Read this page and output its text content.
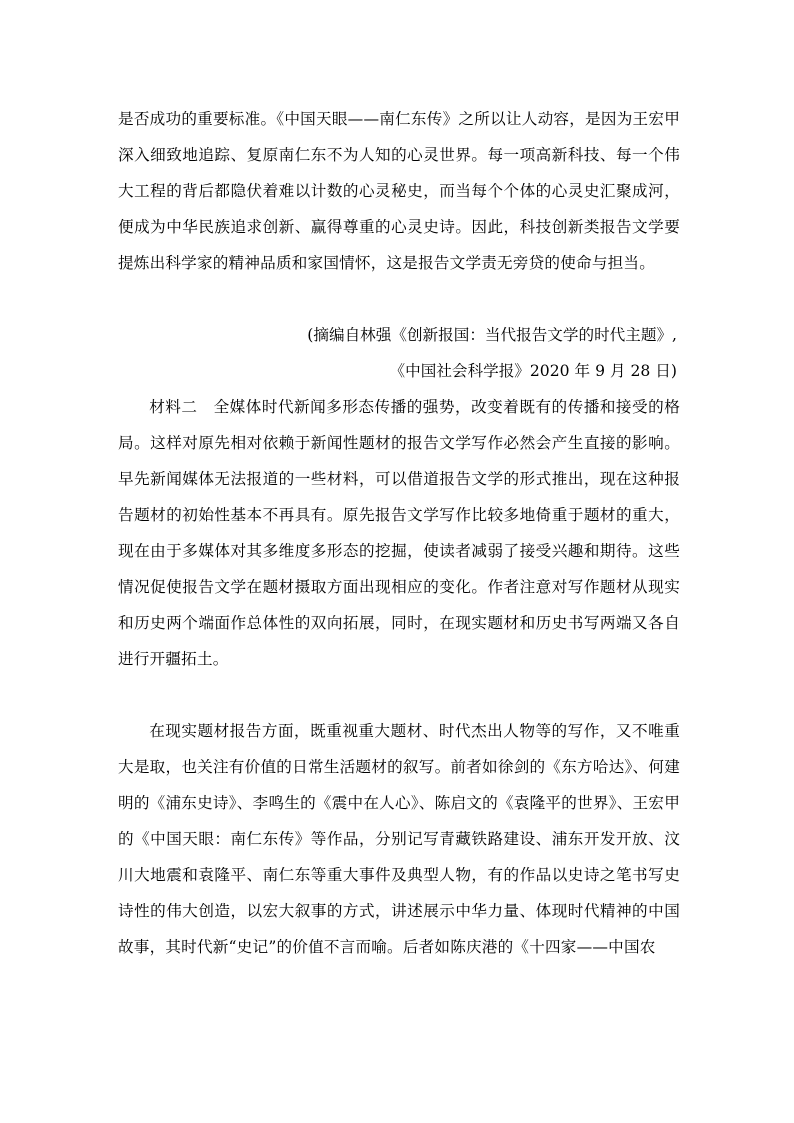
是否成功的重要标准。《中国天眼——南仁东传》之所以让人动容，是因为王宏甲深入细致地追踪、复原南仁东不为人知的心灵世界。每一项高新科技、每一个伟大工程的背后都隐伏着难以计数的心灵秘史，而当每个个体的心灵史汇聚成河，便成为中华民族追求创新、赢得尊重的心灵史诗。因此，科技创新类报告文学要提炼出科学家的精神品质和家国情怀，这是报告文学责无旁贷的使命与担当。

(摘编自林强《创新报国：当代报告文学的时代主题》,
《中国社会科学报》2020 年 9 月 28 日)

材料二　全媒体时代新闻多形态传播的强势，改变着既有的传播和接受的格局。这样对原先相对依赖于新闻性题材的报告文学写作必然会产生直接的影响。早先新闻媒体无法报道的一些材料，可以借道报告文学的形式推出，现在这种报告题材的初始性基本不再具有。原先报告文学写作比较多地倚重于题材的重大，现在由于多媒体对其多维度多形态的挖掘，使读者减弱了接受兴趣和期待。这些情况促使报告文学在题材摄取方面出现相应的变化。作者注意对写作题材从现实和历史两个端面作总体性的双向拓展，同时，在现实题材和历史书写两端又各自进行开疆拓土。

在现实题材报告方面，既重视重大题材、时代杰出人物等的写作，又不唯重大是取，也关注有价值的日常生活题材的叙写。前者如徐剑的《东方哈达》、何建明的《浦东史诗》、李鸣生的《震中在人心》、陈启文的《袁隆平的世界》、王宏甲的《中国天眼：南仁东传》等作品，分别记写青藏铁路建设、浦东开发开放、汶川大地震和袁隆平、南仁东等重大事件及典型人物，有的作品以史诗之笔书写史诗性的伟大创造，以宏大叙事的方式，讲述展示中华力量、体现时代精神的中国故事，其时代新“史记”的价值不言而喻。后者如陈庆港的《十四家——中国农
